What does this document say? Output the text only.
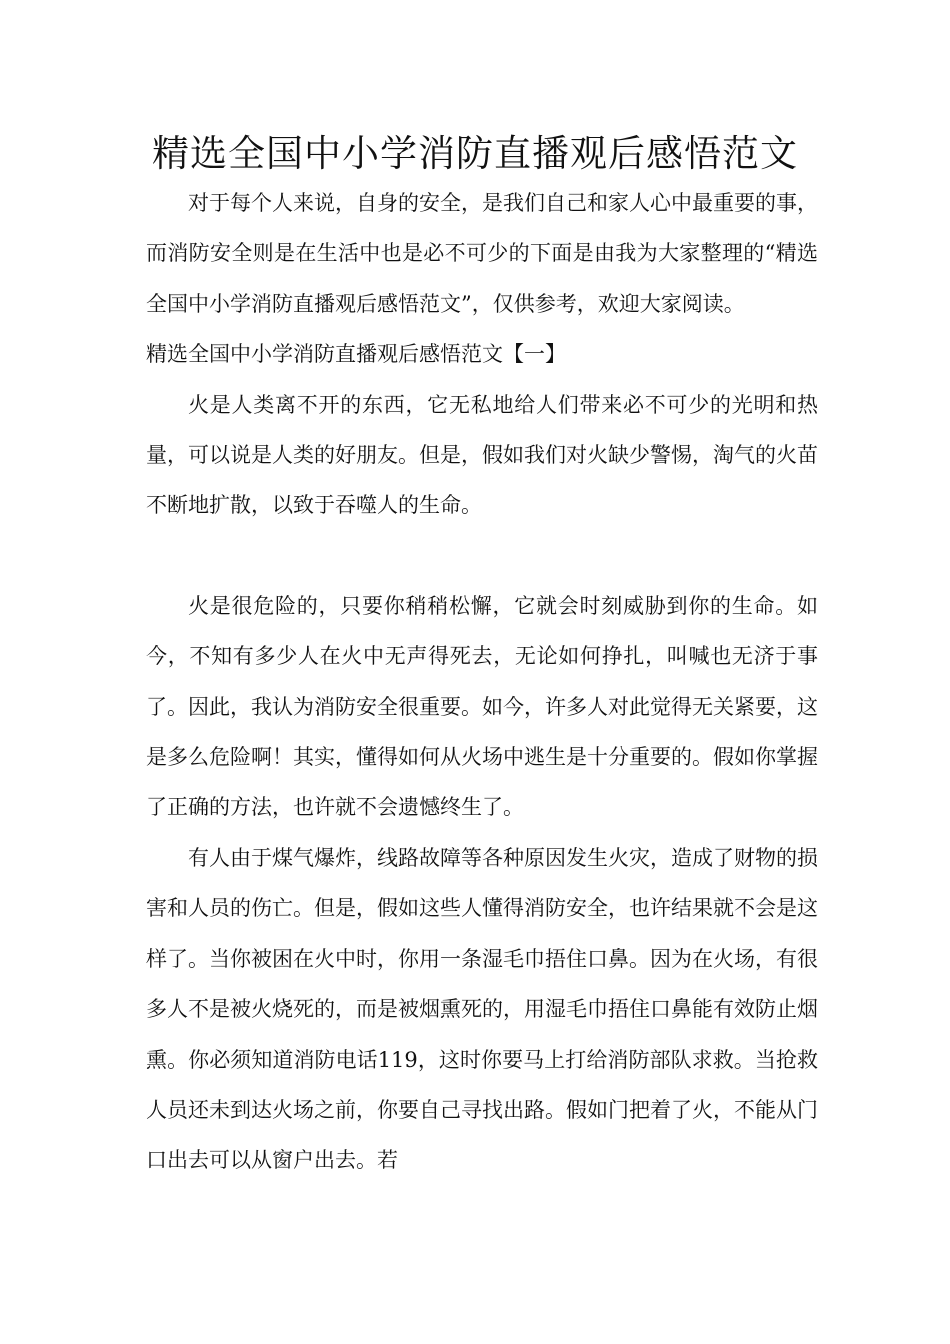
精选全国中小学消防直播观后感悟范文

对于每个人来说，自身的安全，是我们自己和家人心中最重要的事，而消防安全则是在生活中也是必不可少的下面是由我为大家整理的“精选全国中小学消防直播观后感悟范文”，仅供参考，欢迎大家阅读。

精选全国中小学消防直播观后感悟范文【一】

火是人类离不开的东西，它无私地给人们带来必不可少的光明和热量，可以说是人类的好朋友。但是，假如我们对火缺少警惕，淘气的火苗不断地扩散，以致于吞噬人的生命。

火是很危险的，只要你稍稍松懈，它就会时刻威胁到你的生命。如今，不知有多少人在火中无声得死去，无论如何挣扎，叫喊也无济于事了。因此，我认为消防安全很重要。如今，许多人对此觉得无关紧要，这是多么危险啊！其实，懂得如何从火场中逃生是十分重要的。假如你掌握了正确的方法，也许就不会遗憾终生了。

有人由于煤气爆炸，线路故障等各种原因发生火灾，造成了财物的损害和人员的伤亡。但是，假如这些人懂得消防安全，也许结果就不会是这样了。当你被困在火中时，你用一条湿毛巾捂住口鼻。因为在火场，有很多人不是被火烧死的，而是被烟熏死的，用湿毛巾捂住口鼻能有效防止烟熏。你必须知道消防电话119，这时你要马上打给消防部队求救。当抢救人员还未到达火场之前，你要自己寻找出路。假如门把着了火，不能从门口出去可以从窗户出去。若
